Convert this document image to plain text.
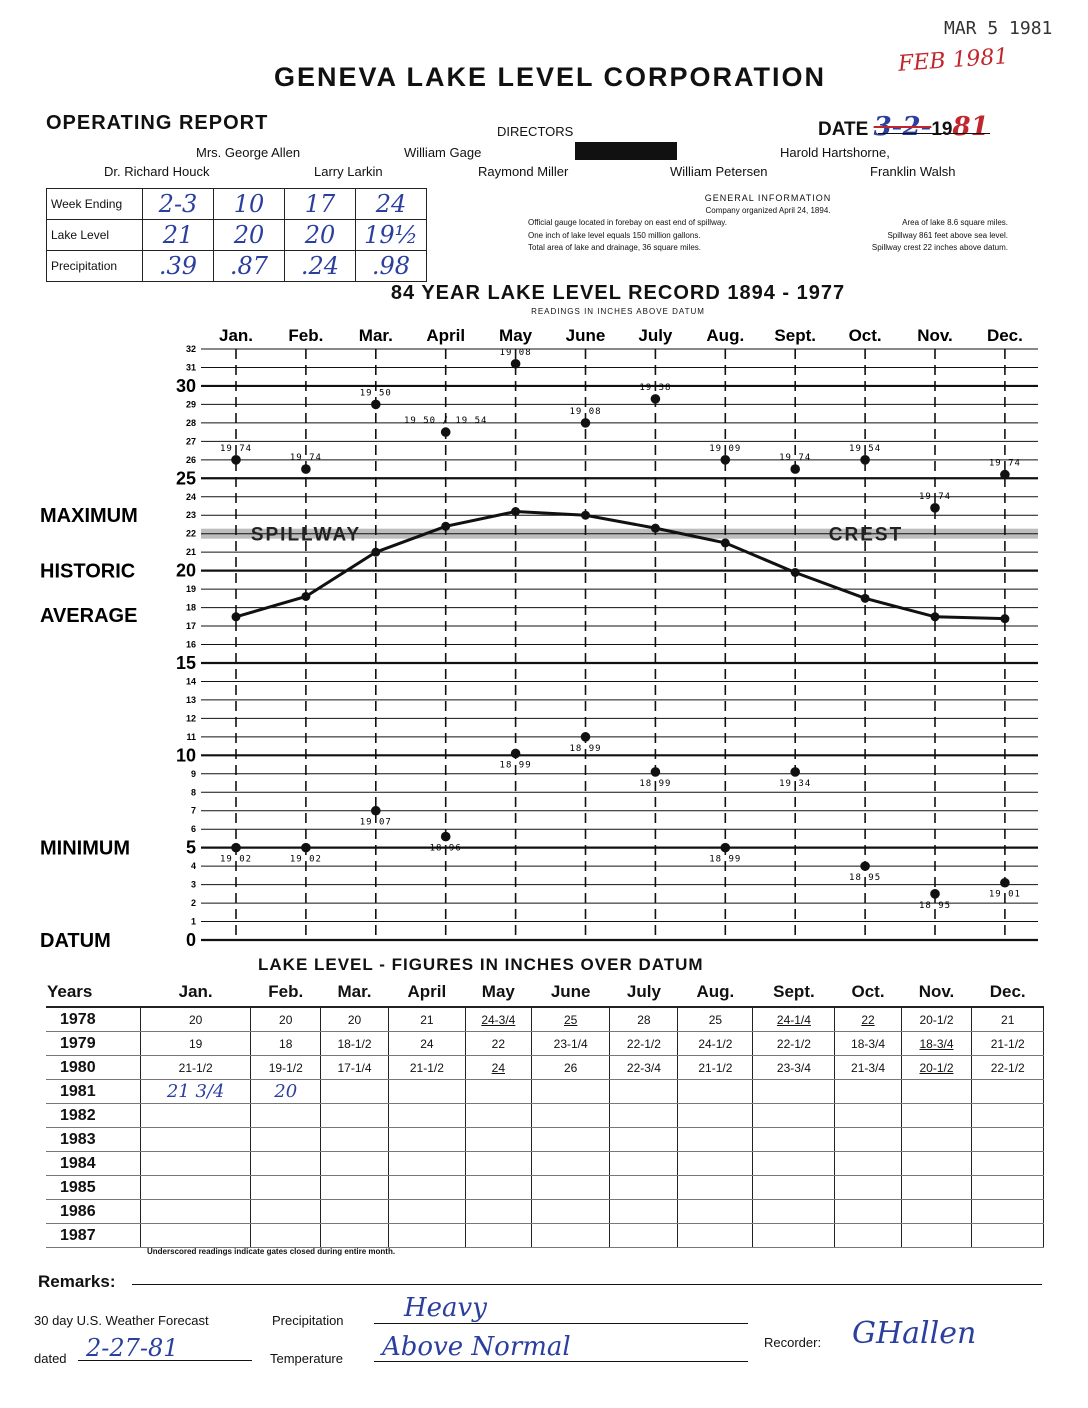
MAR 5 1981
FEB 1981
GENEVA LAKE LEVEL CORPORATION
OPERATING REPORT	DIRECTORS	DATE 3-2-1981
Mrs. George Allen	William Gage	Harold Hartshorne,
Dr. Richard Houck	Larry Larkin	Raymond Miller	William Petersen	Franklin Walsh
Week Ending	2-3	10	17	24
Lake Level	21	20	20	19½
Precipitation	.39	.87	.24	.98
GENERAL INFORMATION
Company organized April 24, 1894.
Official gauge located in forebay on east end of spillway.	Area of lake 8.6 square miles.
One inch of lake level equals 150 million gallons.	Spillway 861 feet above sea level.
Total area of lake and drainage, 36 square miles.	Spillway crest 22 inches above datum.
84 YEAR LAKE LEVEL RECORD 1894 - 1977
READINGS IN INCHES ABOVE DATUM
0
1
2
3
4
5
6
7
8
9
10
11
12
13
14
15
16
17
18
19
20
21
22
23
24
25
26
27
28
29
30
31
32
Jan. Feb. Mar. April May June July Aug. Sept. Oct. Nov. Dec.
SPILLWAY	CREST
19 74
19 74
19 50
19 50 / 19 54
19 08
19 08
19 38
19 09
19 74
19 54
19 74
19 74
19 02	19 02
19 07
18 96
18 99
18 99
18 99
18 99
19 34
18 95
18 95
19 01
MAXIMUM
HISTORIC
AVERAGE
MINIMUM
DATUM
LAKE LEVEL - FIGURES IN INCHES OVER DATUM
Years	Jan.	Feb.	Mar.	April	May	June	July	Aug.	Sept.	Oct.	Nov.	Dec.
1978	20	20	20	21	24-3/4	25	28	25	24-1/4	22	20-1/2	21
1979	19	18	18-1/2	24	22	23-1/4	22-1/2	24-1/2	22-1/2	18-3/4	18-3/4	21-1/2
1980	21-1/2	19-1/2	17-1/4	21-1/2	24	26	22-3/4	21-1/2	23-3/4	21-3/4	20-1/2	22-1/2
1981	21 3/4	20										
1982												
1983												
1984												
1985												
1986												
1987												
Underscored readings indicate gates closed during entire month.
Remarks:
30 day U.S. Weather Forecast
dated 2-27-81
Precipitation Heavy
Temperature Above Normal	Recorder: GHallen
